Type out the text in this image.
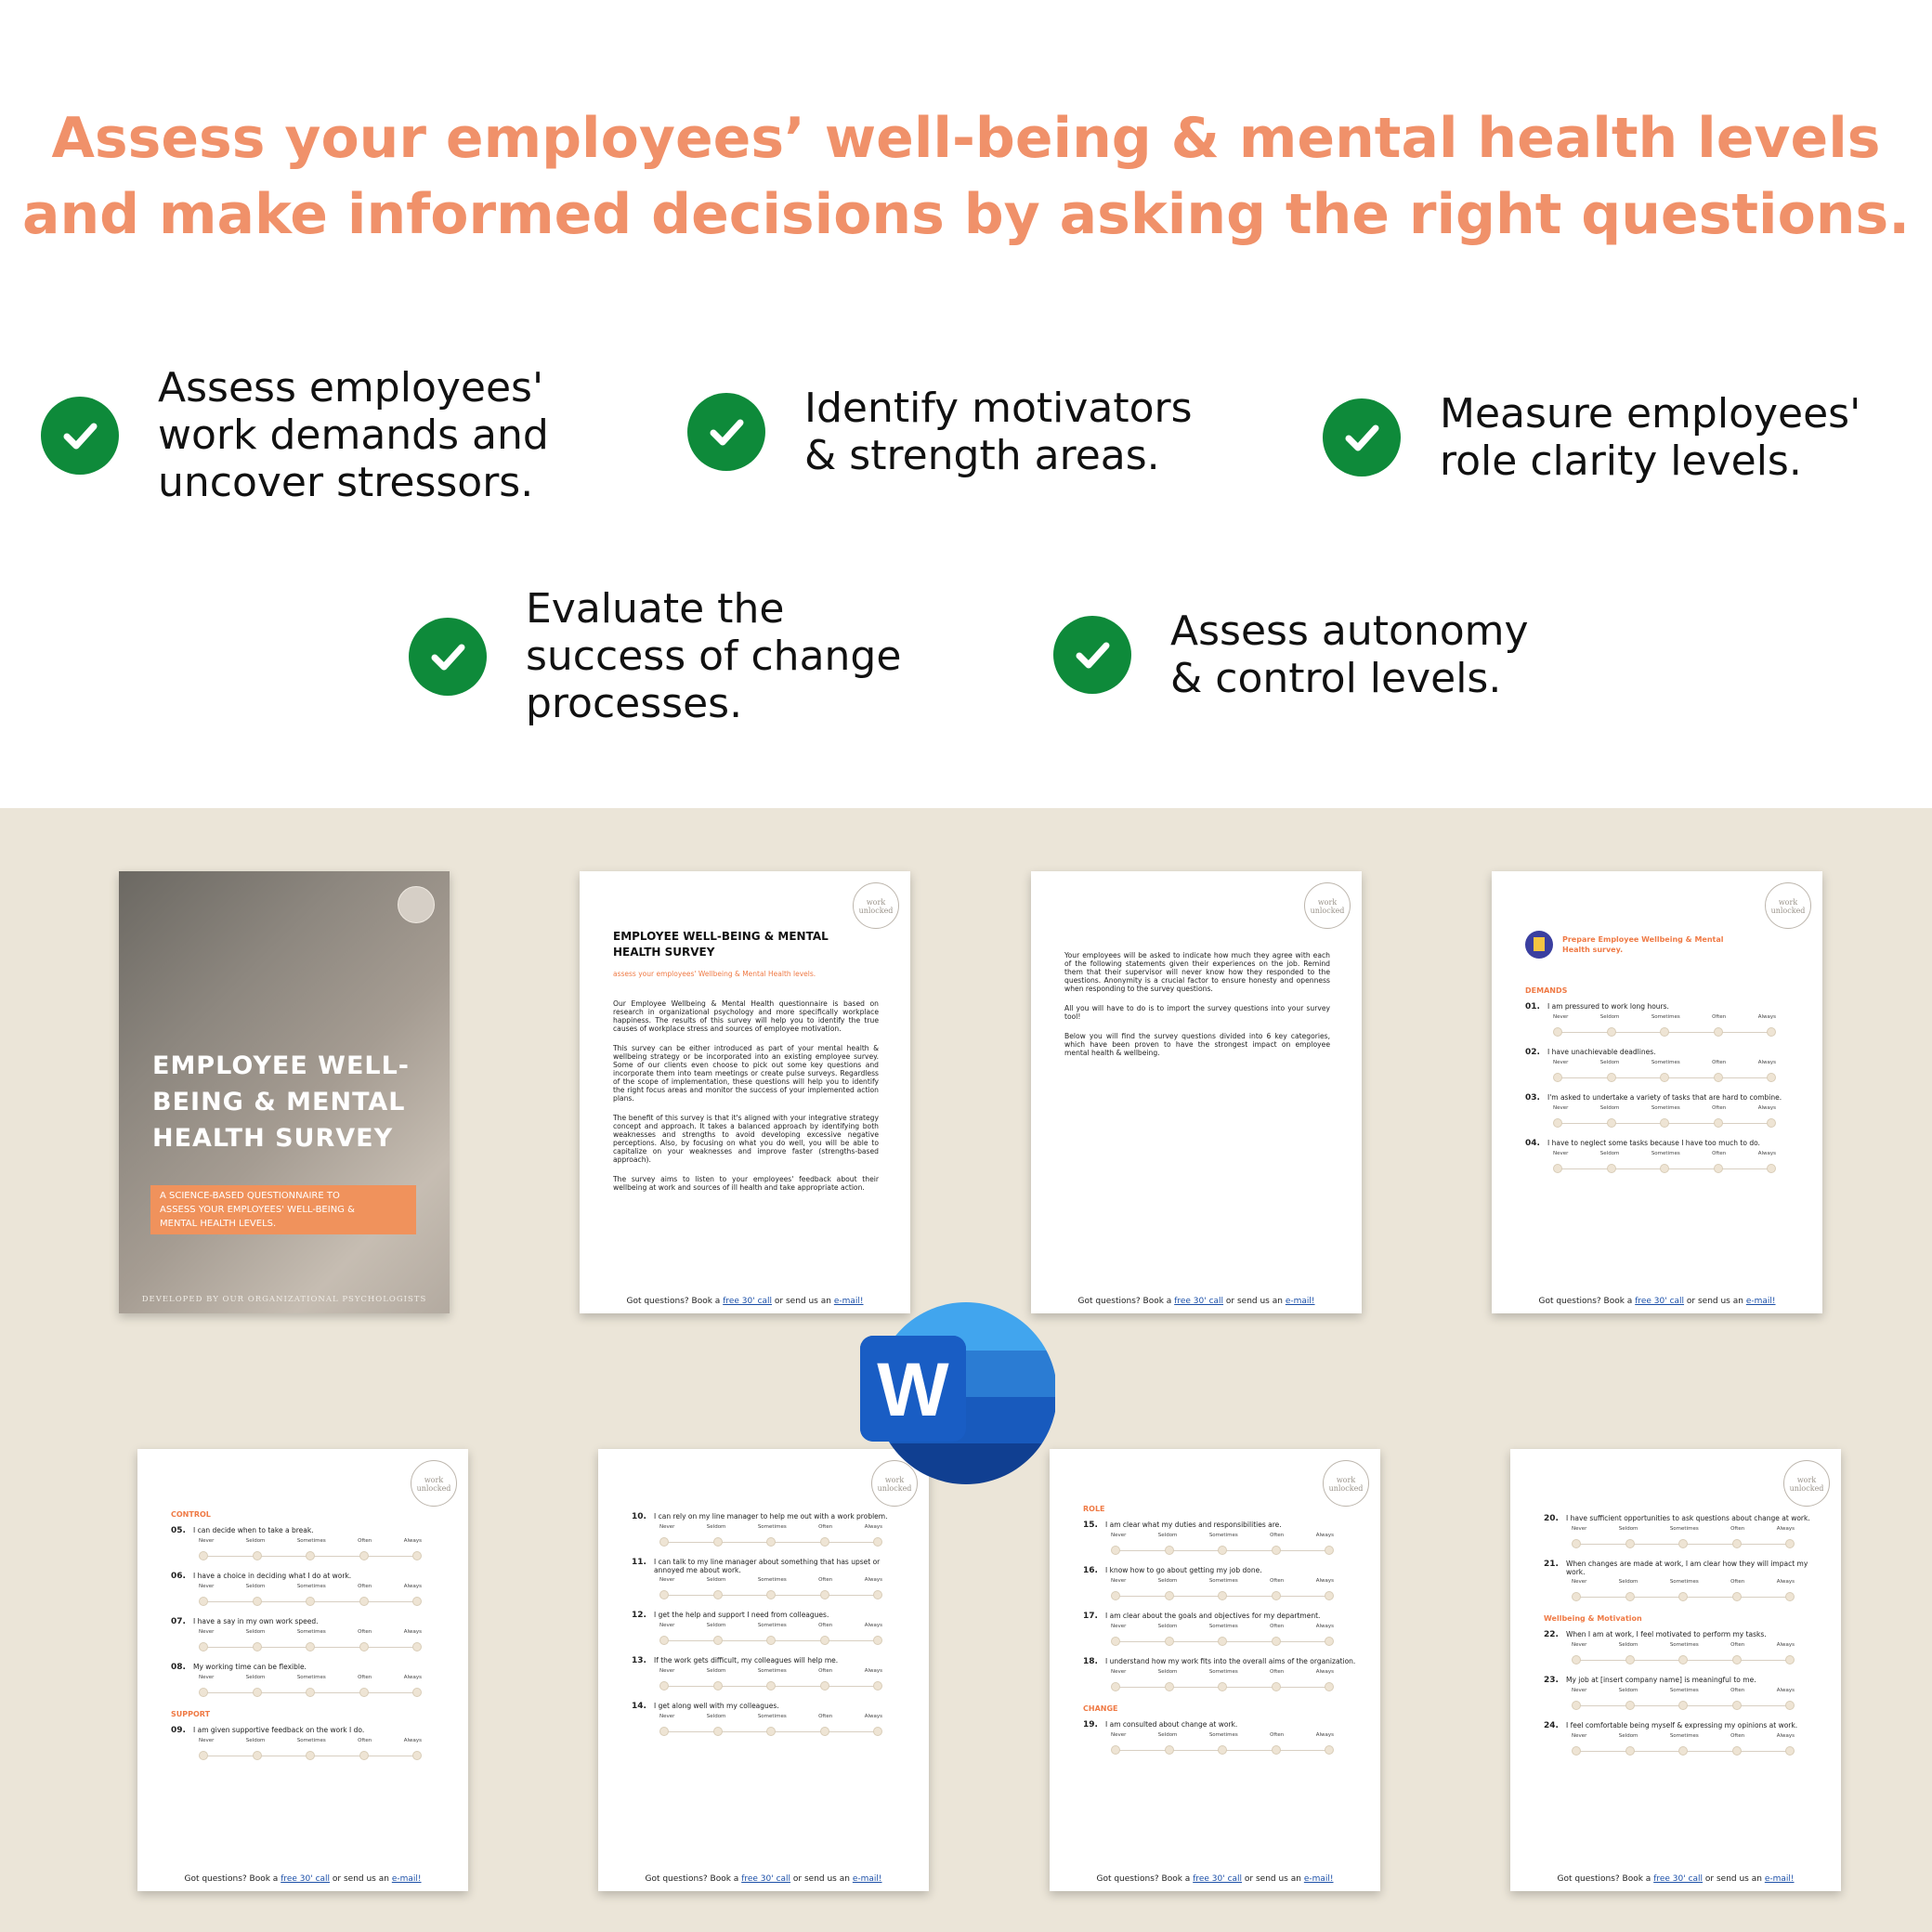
Assess your employees’ well-being & mental health levels
and make informed decisions by asking the right questions.
Assess employees'
work demands and
uncover stressors.
Identify motivators
& strength areas.
Measure employees'
role clarity levels.
Evaluate the
success of change
processes.
Assess autonomy
& control levels.
EMPLOYEE WELL-
BEING & MENTAL
HEALTH SURVEY
A SCIENCE-BASED QUESTIONNAIRE TO
ASSESS YOUR EMPLOYEES' WELL-BEING &
MENTAL HEALTH LEVELS.
DEVELOPED BY OUR ORGANIZATIONAL PSYCHOLOGISTS
work unlocked
EMPLOYEE WELL-BEING & MENTAL
HEALTH SURVEY
assess your employees' Wellbeing & Mental Health levels.

Our Employee Wellbeing & Mental Health questionnaire is based on research in organizational psychology and more specifically workplace happiness. The results of this survey will help you to identify the true causes of workplace stress and sources of employee motivation.

This survey can be either introduced as part of your mental health & wellbeing strategy or be incorporated into an existing employee survey. Some of our clients even choose to pick out some key questions and incorporate them into team meetings or create pulse surveys. Regardless of the scope of implementation, these questions will help you to identify the right focus areas and monitor the success of your implemented action plans.

The benefit of this survey is that it's aligned with your integrative strategy concept and approach. It takes a balanced approach by identifying both weaknesses and strengths to avoid developing excessive negative perceptions. Also, by focusing on what you do well, you will be able to capitalize on your weaknesses and improve faster (strengths-based approach).

The survey aims to listen to your employees' feedback about their wellbeing at work and sources of ill health and take appropriate action.

Got questions? Book a free 30' call or send us an e-mail!
work unlocked

Your employees will be asked to indicate how much they agree with each of the following statements given their experiences on the job. Remind them that their supervisor will never know how they responded to the questions. Anonymity is a crucial factor to ensure honesty and openness when responding to the survey questions.

All you will have to do is to import the survey questions into your survey tool!

Below you will find the survey questions divided into 6 key categories, which have been proven to have the strongest impact on employee mental health & wellbeing.

Got questions? Book a free 30' call or send us an e-mail!
work unlocked
Prepare Employee Wellbeing & Mental
Health survey.
DEMANDS
01. I am pressured to work long hours.
Never	Seldom	Sometimes	Often	Always
02. I have unachievable deadlines.
Never	Seldom	Sometimes	Often	Always
03. I'm asked to undertake a variety of tasks that are hard to combine.
Never	Seldom	Sometimes	Often	Always
04. I have to neglect some tasks because I have too much to do.
Never	Seldom	Sometimes	Often	Always
Got questions? Book a free 30' call or send us an e-mail!
work unlocked
CONTROL
05. I can decide when to take a break.
Never	Seldom	Sometimes	Often	Always
06. I have a choice in deciding what I do at work.
Never	Seldom	Sometimes	Often	Always
07. I have a say in my own work speed.
Never	Seldom	Sometimes	Often	Always
08. My working time can be flexible.
Never	Seldom	Sometimes	Often	Always
SUPPORT
09. I am given supportive feedback on the work I do.
Never	Seldom	Sometimes	Often	Always
Got questions? Book a free 30' call or send us an e-mail!
work unlocked
10. I can rely on my line manager to help me out with a work problem.
Never	Seldom	Sometimes	Often	Always
11. I can talk to my line manager about something that has upset or annoyed me about work.
Never	Seldom	Sometimes	Often	Always
12. I get the help and support I need from colleagues.
Never	Seldom	Sometimes	Often	Always
13. If the work gets difficult, my colleagues will help me.
Never	Seldom	Sometimes	Often	Always
14. I get along well with my colleagues.
Never	Seldom	Sometimes	Often	Always
Got questions? Book a free 30' call or send us an e-mail!
work unlocked
ROLE
15. I am clear what my duties and responsibilities are.
Never	Seldom	Sometimes	Often	Always
16. I know how to go about getting my job done.
Never	Seldom	Sometimes	Often	Always
17. I am clear about the goals and objectives for my department.
Never	Seldom	Sometimes	Often	Always
18. I understand how my work fits into the overall aims of the organization.
Never	Seldom	Sometimes	Often	Always
CHANGE
19. I am consulted about change at work.
Never	Seldom	Sometimes	Often	Always
Got questions? Book a free 30' call or send us an e-mail!
work unlocked
20. I have sufficient opportunities to ask questions about change at work.
Never	Seldom	Sometimes	Often	Always
21. When changes are made at work, I am clear how they will impact my work.
Never	Seldom	Sometimes	Often	Always
Wellbeing & Motivation
22. When I am at work, I feel motivated to perform my tasks.
Never	Seldom	Sometimes	Often	Always
23. My job at [insert company name] is meaningful to me.
Never	Seldom	Sometimes	Often	Always
24. I feel comfortable being myself & expressing my opinions at work.
Never	Seldom	Sometimes	Often	Always
Got questions? Book a free 30' call or send us an e-mail!
W
